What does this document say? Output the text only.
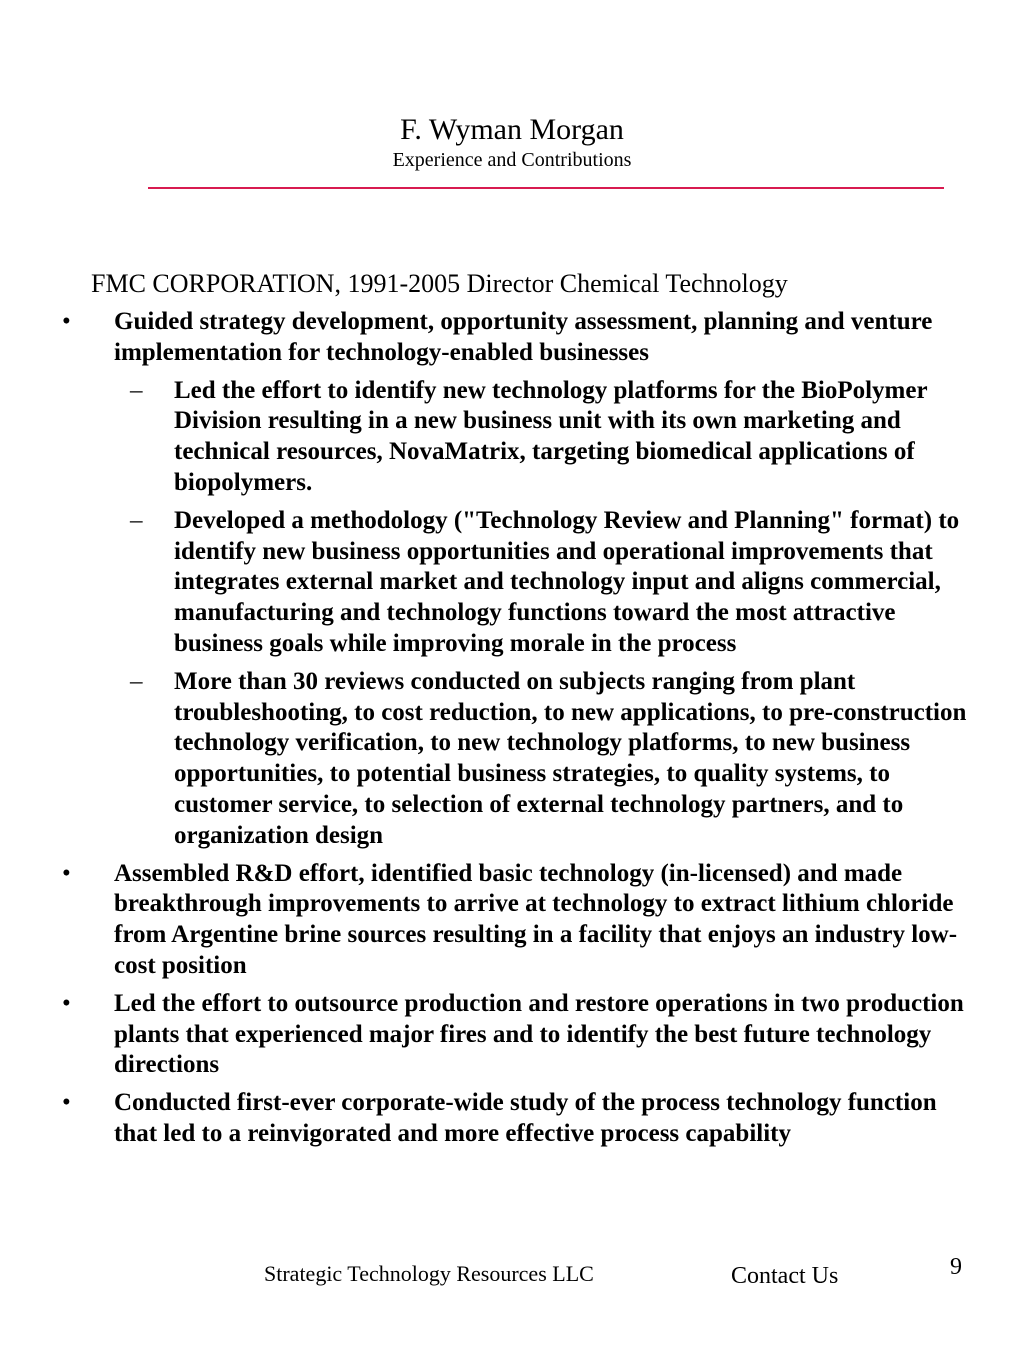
F. Wyman Morgan
Experience and Contributions
FMC CORPORATION, 1991-2005 Director Chemical Technology
• Guided strategy development, opportunity assessment, planning and venture implementation for technology-enabled businesses
– Led the effort to identify new technology platforms for the BioPolymer Division resulting in a new business unit with its own marketing and technical resources, NovaMatrix, targeting biomedical applications of biopolymers.
– Developed a methodology ("Technology Review and Planning" format) to identify new business opportunities and operational improvements that integrates external market and technology input and aligns commercial, manufacturing and technology functions toward the most attractive business goals while improving morale in the process
– More than 30 reviews conducted on subjects ranging from plant troubleshooting, to cost reduction, to new applications, to pre-construction technology verification, to new technology platforms, to new business opportunities, to potential business strategies, to quality systems, to customer service, to selection of external technology partners, and to organization design
• Assembled R&D effort, identified basic technology (in-licensed) and made breakthrough improvements to arrive at technology to extract lithium chloride from Argentine brine sources resulting in a facility that enjoys an industry low-cost position
• Led the effort to outsource production and restore operations in two production plants that experienced major fires and to identify the best future technology directions
• Conducted first-ever corporate-wide study of the process technology function that led to a reinvigorated and more effective process capability
Strategic Technology Resources LLC	Contact Us	9
